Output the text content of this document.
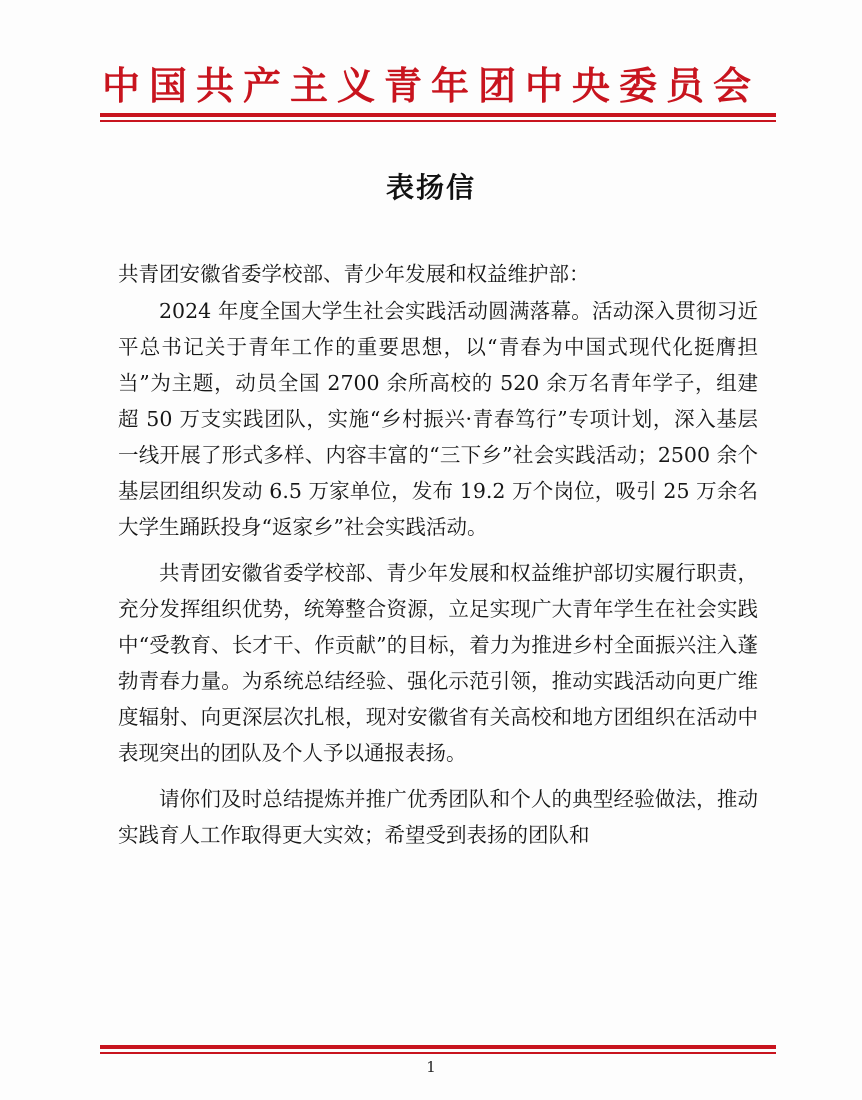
中国共产主义青年团中央委员会
表扬信
共青团安徽省委学校部、青少年发展和权益维护部：

2024 年度全国大学生社会实践活动圆满落幕。活动深入贯彻习近平总书记关于青年工作的重要思想，以“青春为中国式现代化挺膺担当”为主题，动员全国 2700 余所高校的 520 余万名青年学子，组建超 50 万支实践团队，实施“乡村振兴·青春笃行”专项计划，深入基层一线开展了形式多样、内容丰富的“三下乡”社会实践活动；2500 余个基层团组织发动 6.5 万家单位，发布 19.2 万个岗位，吸引 25 万余名大学生踊跃投身“返家乡”社会实践活动。

共青团安徽省委学校部、青少年发展和权益维护部切实履行职责，充分发挥组织优势，统筹整合资源，立足实现广大青年学生在社会实践中“受教育、长才干、作贡献”的目标，着力为推进乡村全面振兴注入蓬勃青春力量。为系统总结经验、强化示范引领，推动实践活动向更广维度辐射、向更深层次扎根，现对安徽省有关高校和地方团组织在活动中表现突出的团队及个人予以通报表扬。

请你们及时总结提炼并推广优秀团队和个人的典型经验做法，推动实践育人工作取得更大实效；希望受到表扬的团队和

1
